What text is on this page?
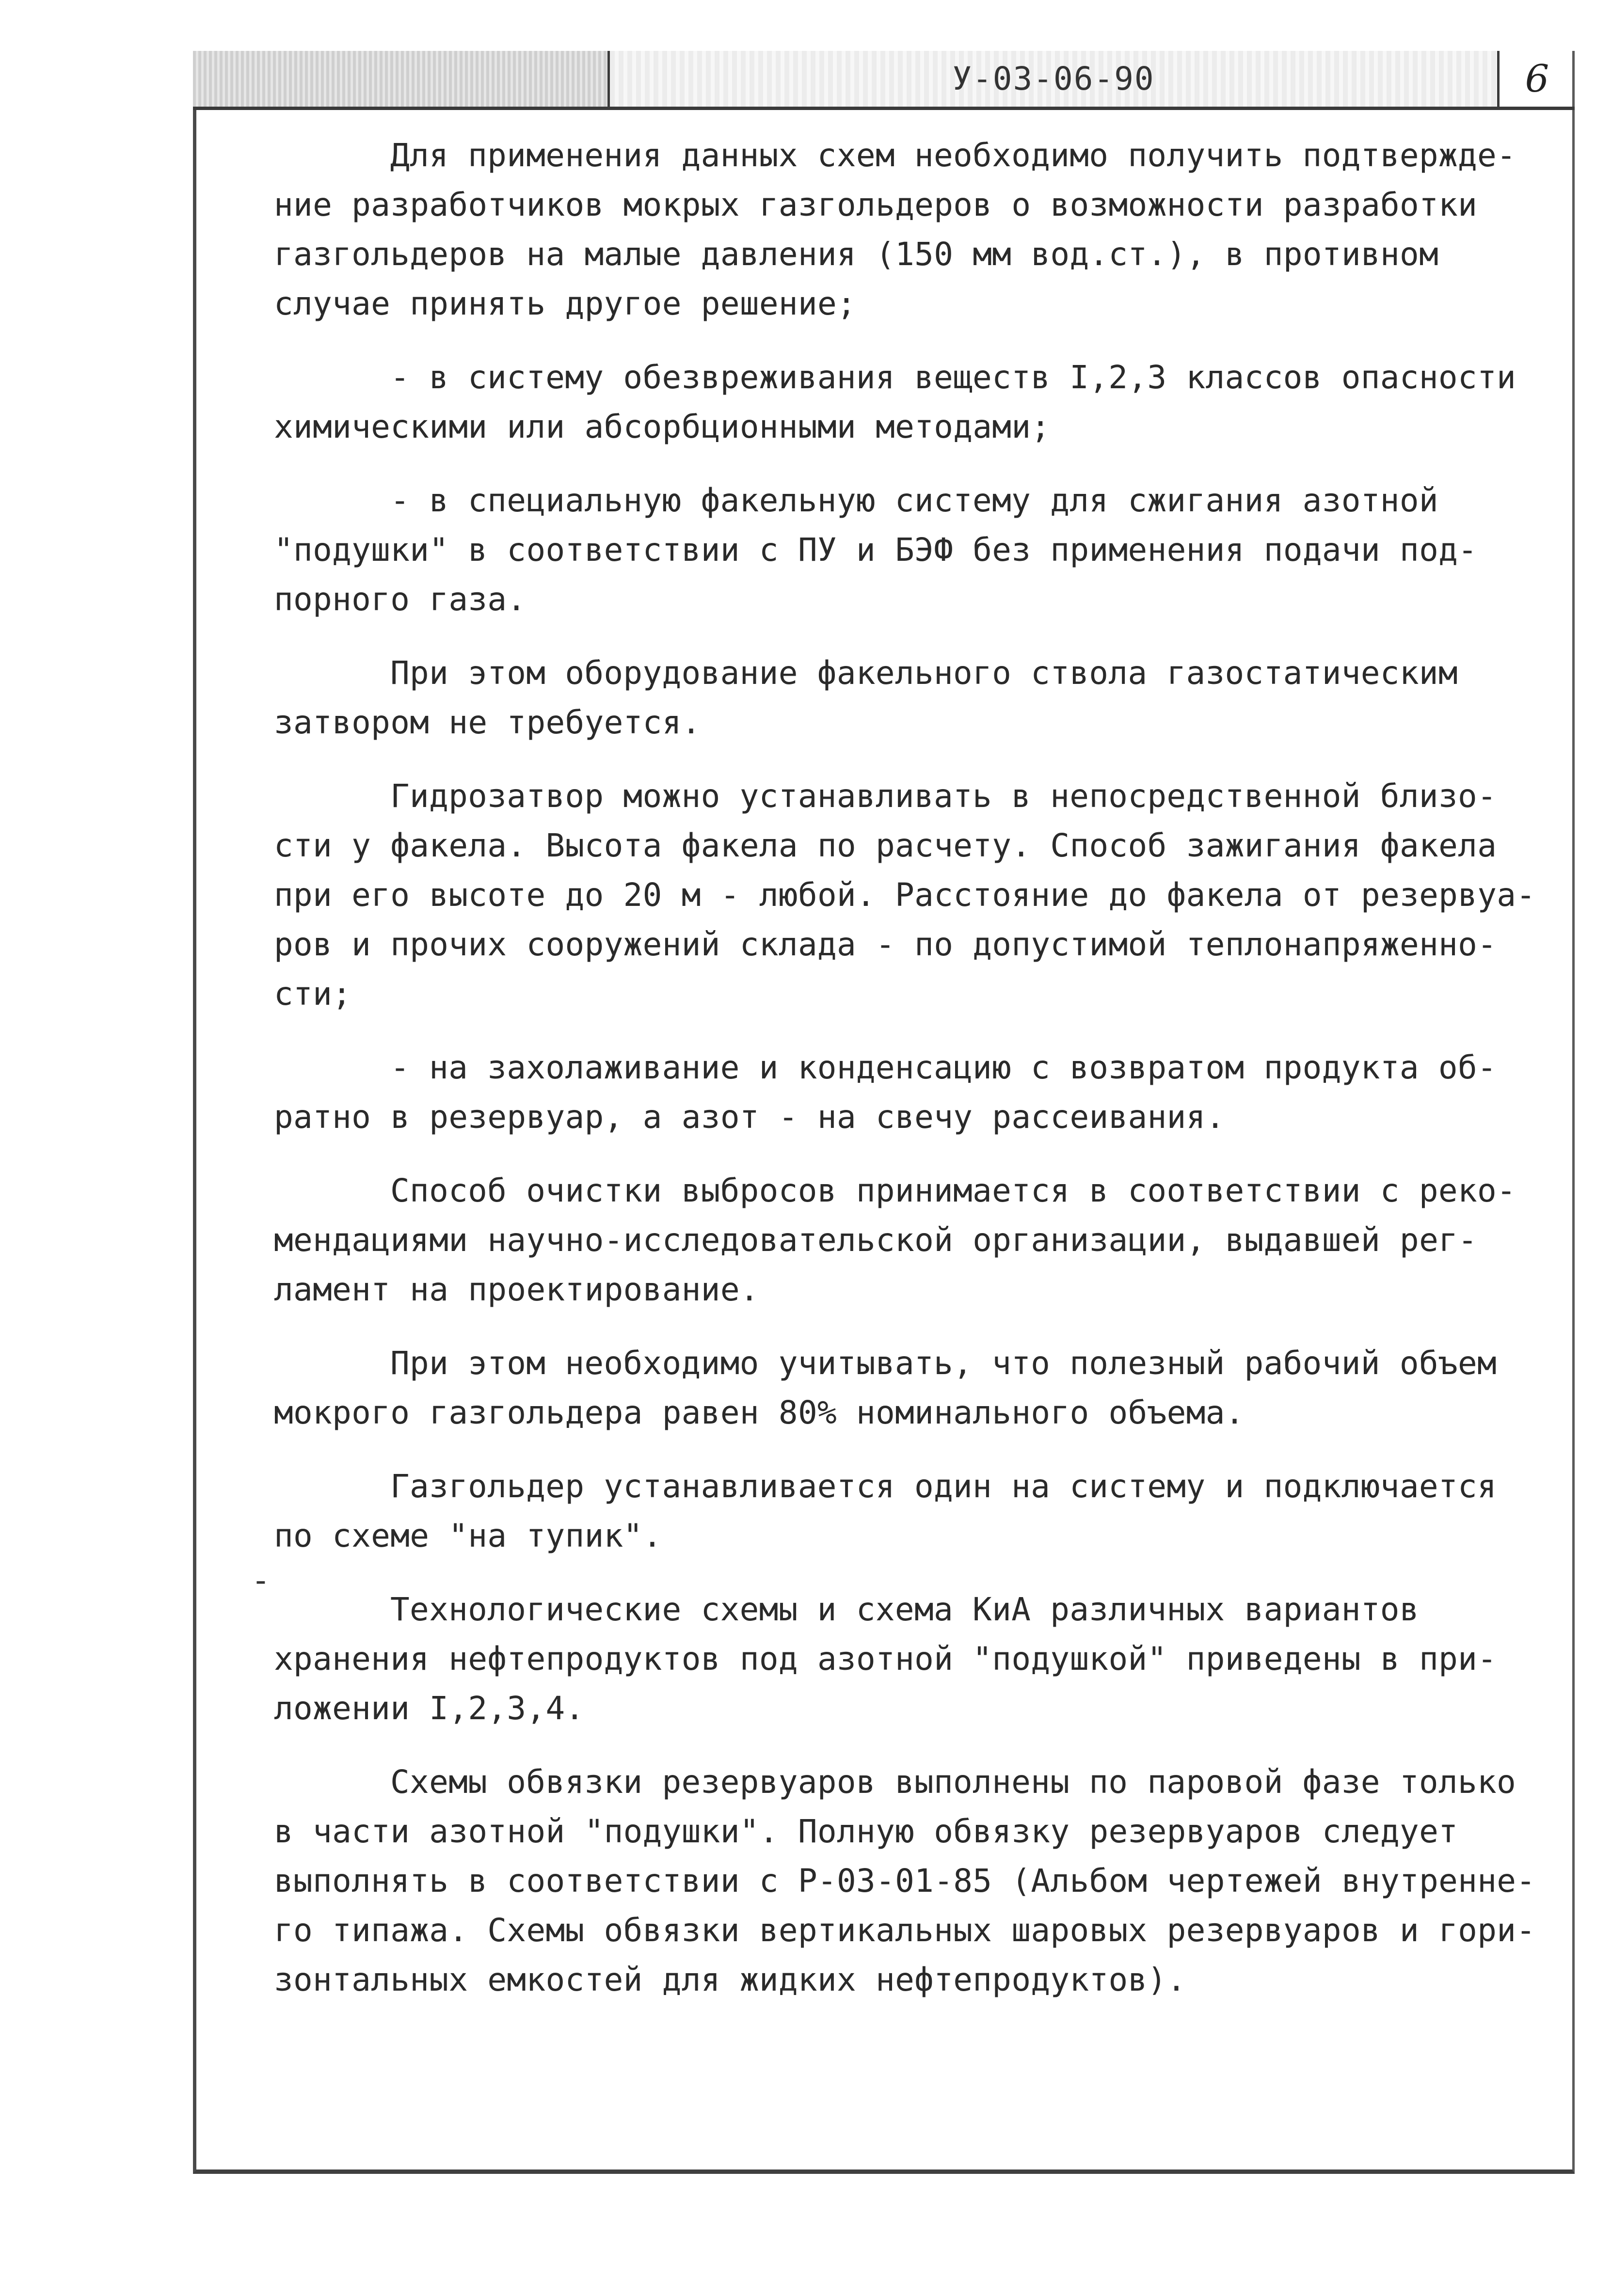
У-03-06-90	6
-

Для применения данных схем необходимо получить подтвержде-
ние разработчиков мокрых газгольдеров о возможности разработки
газгольдеров на малые давления (150 мм вод.ст.), в противном
случае принять другое решение;

- в систему обезвреживания веществ I,2,3 классов опасности
химическими или абсорбционными методами;

- в специальную факельную систему для сжигания азотной
"подушки" в соответствии с ПУ и БЭФ без применения подачи под-
порного газа.

При этом оборудование факельного ствола газостатическим
затвором не требуется.

Гидрозатвор можно устанавливать в непосредственной близо-
сти у факела. Высота факела по расчету. Способ зажигания факела
при его высоте до 20 м - любой. Расстояние до факела от резервуа-
ров и прочих сооружений склада - по допустимой теплонапряженно-
сти;

- на захолаживание и конденсацию с возвратом продукта об-
ратно в резервуар, а азот - на свечу рассеивания.

Способ очистки выбросов принимается в соответствии с реко-
мендациями научно-исследовательской организации, выдавшей рег-
ламент на проектирование.

При этом необходимо учитывать, что полезный рабочий объем
мокрого газгольдера равен 80% номинального объема.

Газгольдер устанавливается один на систему и подключается
по схеме "на тупик".

Технологические схемы и схема КиА различных вариантов
хранения нефтепродуктов под азотной "подушкой" приведены в при-
ложении I,2,3,4.

Схемы обвязки резервуаров выполнены по паровой фазе только
в части азотной "подушки". Полную обвязку резервуаров следует
выполнять в соответствии с Р-03-01-85 (Альбом чертежей внутренне-
го типажа. Схемы обвязки вертикальных шаровых резервуаров и гори-
зонтальных емкостей для жидких нефтепродуктов).
